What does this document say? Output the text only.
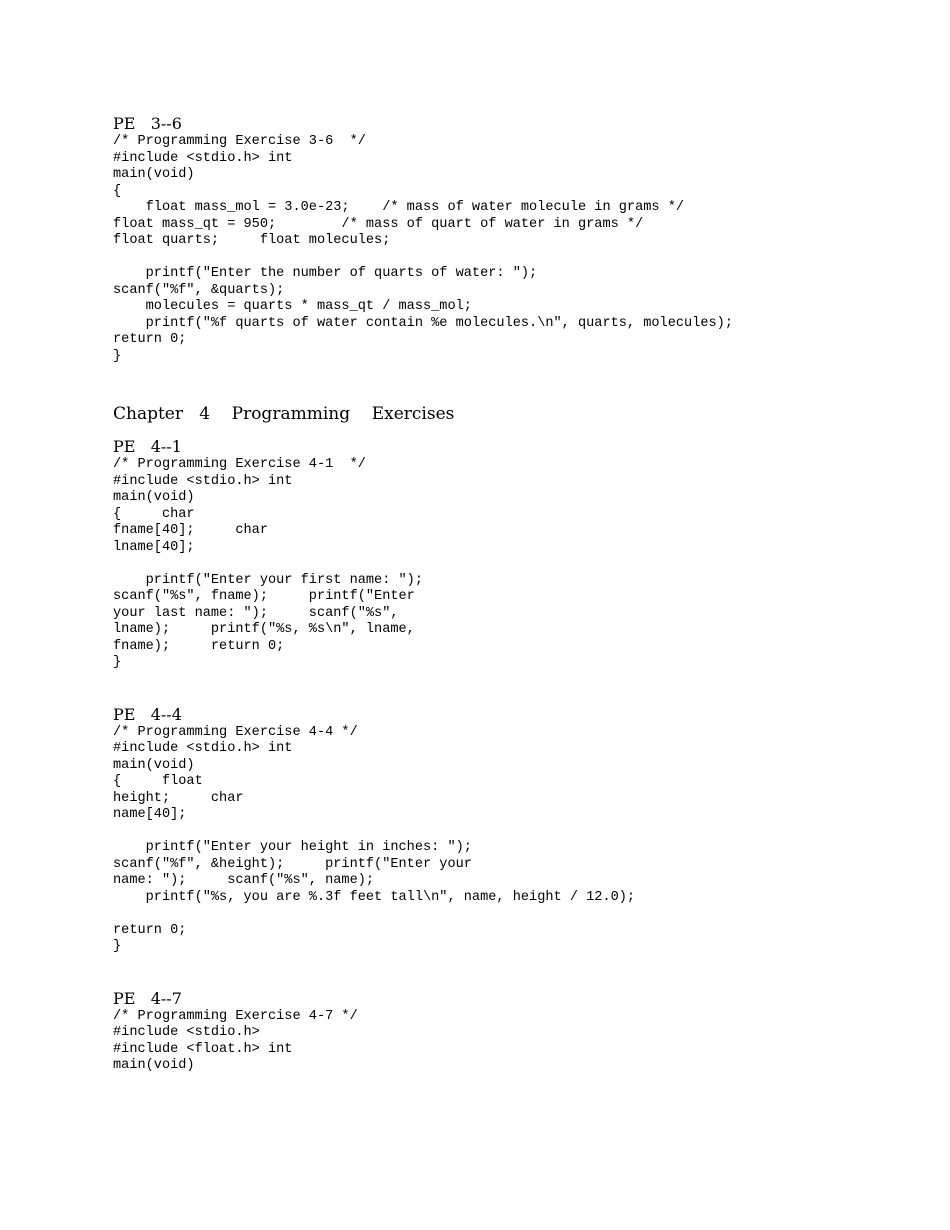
PE   3--6

/* Programming Exercise 3-6  */
#include <stdio.h> int
main(void)
{
float mass_mol = 3.0e-23;    /* mass of water molecule in grams */
float mass_qt = 950;        /* mass of quart of water in grams */
float quarts;     float molecules;

printf("Enter the number of quarts of water: ");
scanf("%f", &quarts);
molecules = quarts * mass_qt / mass_mol;
printf("%f quarts of water contain %e molecules.\n", quarts, molecules);
return 0;
}

Chapter   4    Programming    Exercises

PE   4--1

/* Programming Exercise 4-1  */
#include <stdio.h> int
main(void)
{     char
fname[40];     char
lname[40];

printf("Enter your first name: ");
scanf("%s", fname);     printf("Enter
your last name: ");     scanf("%s",
lname);     printf("%s, %s\n", lname,
fname);     return 0;
}

PE   4--4

/* Programming Exercise 4-4 */
#include <stdio.h> int
main(void)
{     float
height;     char
name[40];

printf("Enter your height in inches: ");
scanf("%f", &height);     printf("Enter your
name: ");     scanf("%s", name);
printf("%s, you are %.3f feet tall\n", name, height / 12.0);

return 0;
}

PE   4--7

/* Programming Exercise 4-7 */
#include <stdio.h>
#include <float.h> int
main(void)
